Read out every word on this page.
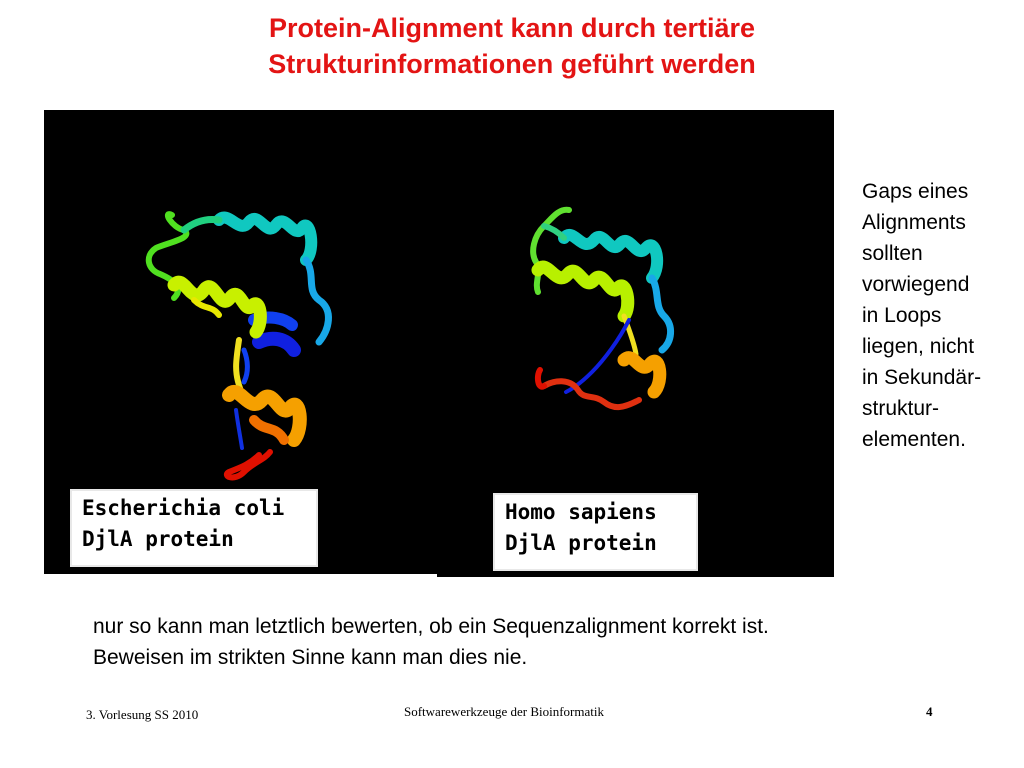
Protein-Alignment kann durch tertiäre
Strukturinformationen geführt werden
Escherichia coli
DjlA protein
Homo sapiens
DjlA protein
Gaps eines
Alignments
sollten
vorwiegend
in Loops
liegen, nicht
in Sekundär-
struktur-
elementen.
nur so kann man letztlich bewerten, ob ein Sequenzalignment korrekt ist.
Beweisen im strikten Sinne kann man dies nie.
3. Vorlesung SS 2010	Softwarewerkzeuge der Bioinformatik	4
